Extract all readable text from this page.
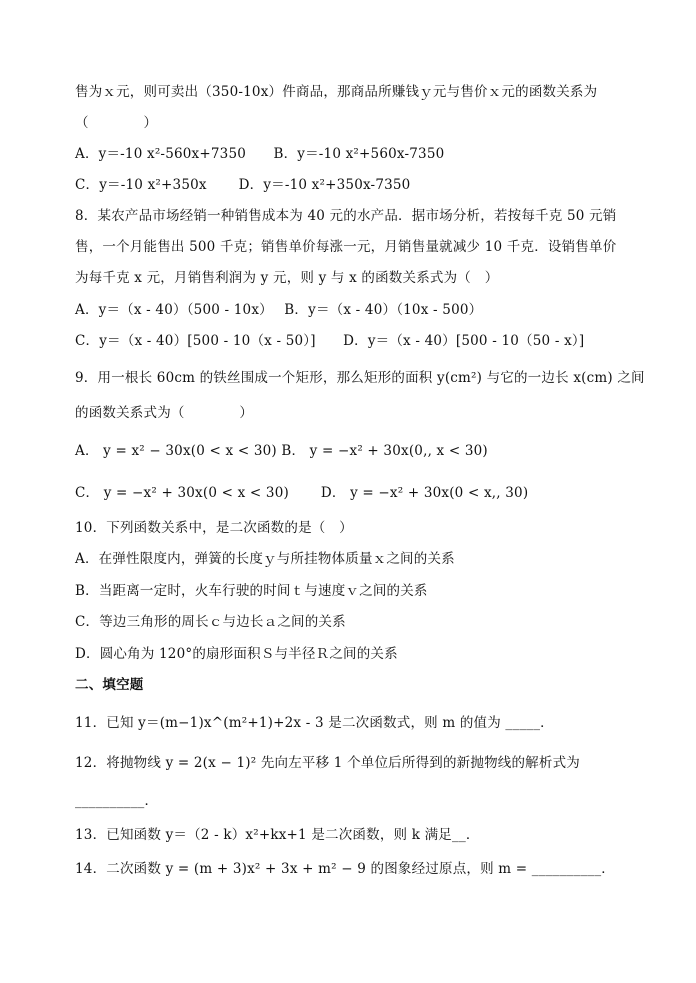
售为ｘ元，则可卖出（350-10x）件商品，那商品所赚钱ｙ元与售价ｘ元的函数关系为
（　　　　）
A．y＝-10 x²-560x+7350　　B．y＝-10 x²+560x-7350
C．y＝-10 x²+350x　　 D．y＝-10 x²+350x-7350
8．某农产品市场经销一种销售成本为 40 元的水产品．据市场分析，若按每千克 50 元销
售，一个月能售出 500 千克；销售单价每涨一元，月销售量就减少 10 千克．设销售单价
为每千克 x 元，月销售利润为 y 元，则 y 与 x 的函数关系式为（　）
A．y＝（x - 40）（500 - 10x）　 B．y＝（x - 40）（10x - 500）
C．y＝（x - 40）[500 - 10（x - 50）]　　D．y＝（x - 40）[500 - 10（50 - x）]
9．用一根长 60cm 的铁丝围成一个矩形，那么矩形的面积 y(cm²) 与它的一边长 x(cm) 之间
的函数关系式为（　　　　）
A． y = x² − 30x(0 < x < 30) B． y = −x² + 30x(0,, x < 30)
C． y = −x² + 30x(0 < x < 30)　　 D． y = −x² + 30x(0 < x,, 30)
10．下列函数关系中，是二次函数的是（　）
A．在弹性限度内，弹簧的长度ｙ与所挂物体质量ｘ之间的关系
B．当距离一定时，火车行驶的时间ｔ与速度ｖ之间的关系
C．等边三角形的周长ｃ与边长ａ之间的关系
D．圆心角为 120°的扇形面积Ｓ与半径Ｒ之间的关系
二、填空题
11．已知 y＝(m−1)x^(m²+1)+2x - 3 是二次函数式，则 m 的值为 _____．
12．将抛物线 y = 2(x − 1)² 先向左平移 1 个单位后所得到的新抛物线的解析式为
__________．
13．已知函数 y＝（2 - k）x²+kx+1 是二次函数，则 k 满足__．
14．二次函数 y = (m + 3)x² + 3x + m² − 9 的图象经过原点，则 m = __________．
